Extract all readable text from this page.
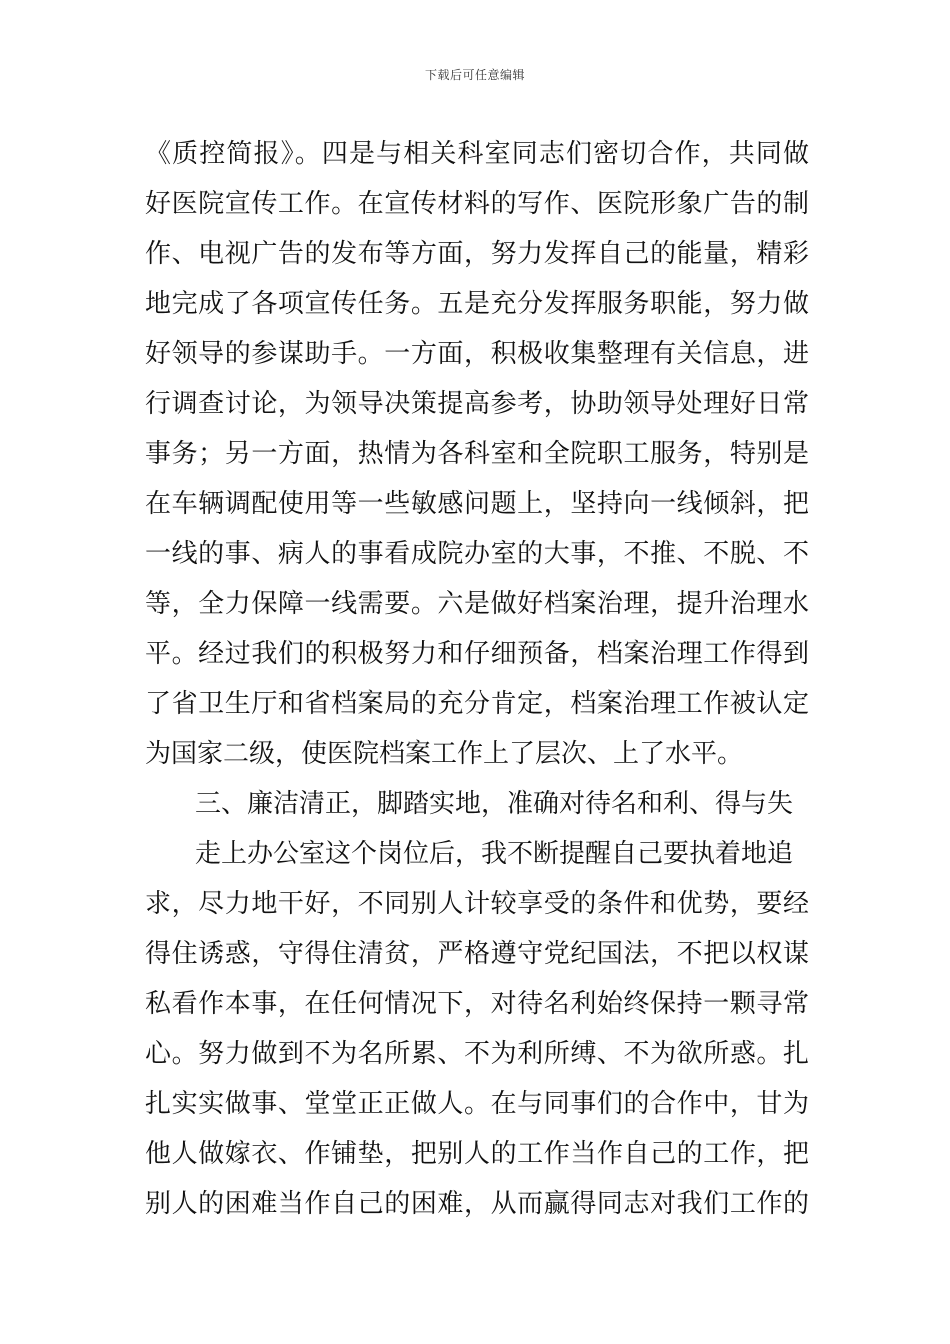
下载后可任意编辑
《质控简报》。四是与相关科室同志们密切合作，共同做
好医院宣传工作。在宣传材料的写作、医院形象广告的制
作、电视广告的发布等方面，努力发挥自己的能量，精彩
地完成了各项宣传任务。五是充分发挥服务职能，努力做
好领导的参谋助手。一方面，积极收集整理有关信息，进
行调查讨论，为领导决策提高参考，协助领导处理好日常
事务；另一方面，热情为各科室和全院职工服务，特别是
在车辆调配使用等一些敏感问题上，坚持向一线倾斜，把
一线的事、病人的事看成院办室的大事，不推、不脱、不
等，全力保障一线需要。六是做好档案治理，提升治理水
平。经过我们的积极努力和仔细预备，档案治理工作得到
了省卫生厅和省档案局的充分肯定，档案治理工作被认定
为国家二级，使医院档案工作上了层次、上了水平。
三、廉洁清正，脚踏实地，准确对待名和利、得与失
走上办公室这个岗位后，我不断提醒自己要执着地追
求，尽力地干好，不同别人计较享受的条件和优势，要经
得住诱惑，守得住清贫，严格遵守党纪国法，不把以权谋
私看作本事，在任何情况下，对待名利始终保持一颗寻常
心。努力做到不为名所累、不为利所缚、不为欲所惑。扎
扎实实做事、堂堂正正做人。在与同事们的合作中，甘为
他人做嫁衣、作铺垫，把别人的工作当作自己的工作，把
别人的困难当作自己的困难，从而赢得同志对我们工作的
